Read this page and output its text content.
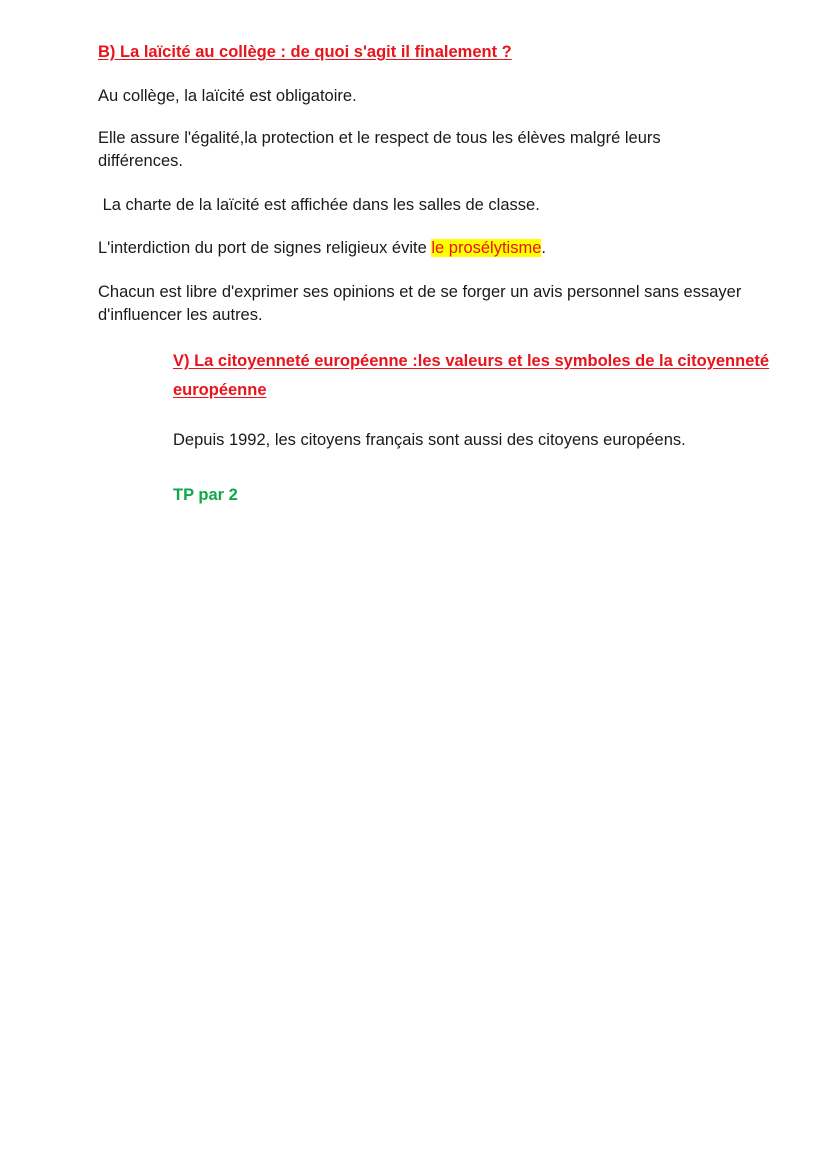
B) La laïcité au collège : de quoi s'agit il finalement ?

Au collège, la laïcité est obligatoire.

Elle assure l'égalité,la protection et le respect de tous les élèves malgré leurs différences.

La charte de la laïcité est affichée dans les salles de classe.

L'interdiction du port de signes religieux évite le prosélytisme.

Chacun est libre d'exprimer ses opinions et de se forger un avis personnel sans essayer d'influencer les autres.

V) La citoyenneté européenne :les valeurs et les symboles de la citoyenneté européenne

Depuis 1992, les citoyens français sont aussi des citoyens européens.

TP par 2
